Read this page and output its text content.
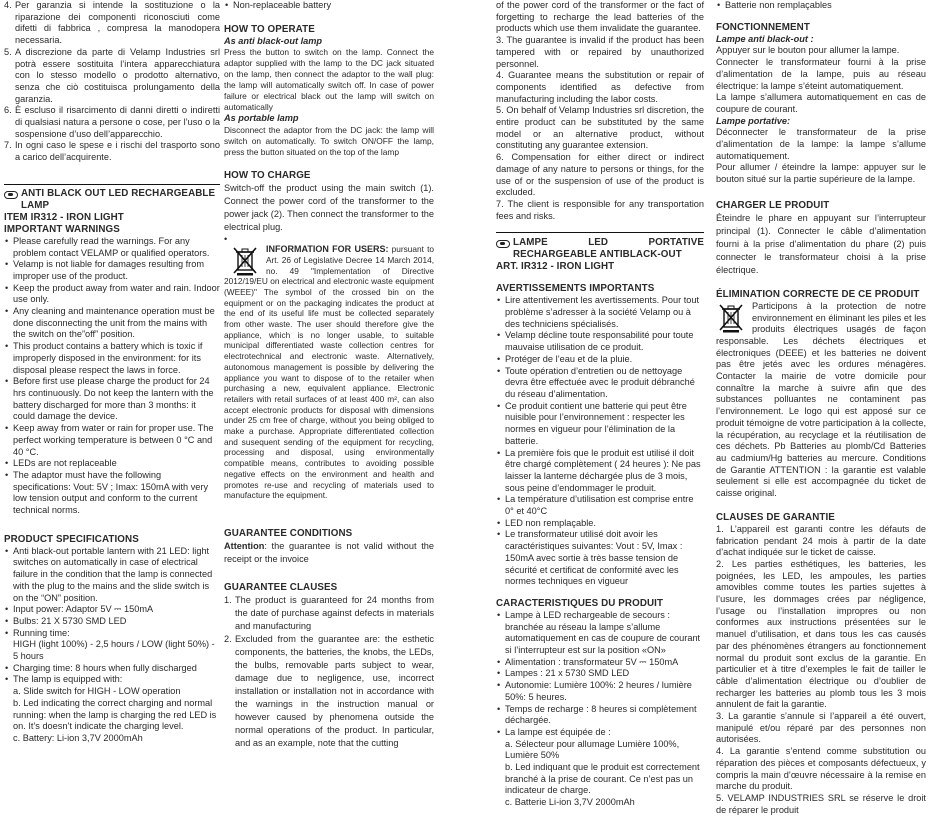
4. Per garanzia si intende la sostituzione o la riparazione dei componenti riconosciuti come difetti di fabbrica , compresa la manodopera necessaria.
5. A discrezione da parte di Velamp Industries srl potrà essere sostituita l’intera apparecchiatura con lo stesso modello o prodotto alternativo, senza che ciò costituisca prolungamento della garanzia.
6. È escluso il risarcimento di danni diretti o indiretti di qualsiasi natura a persone o cose, per l’uso o la sospensione d’uso dell’apparecchio.
7. In ogni caso le spese e i rischi del trasporto sono a carico dell’acquirente.
ANTI BLACK OUT LED RECHARGEABLE LAMP

ITEM IR312 - IRON LIGHT

IMPORTANT WARNINGS

• Please carefully read the warnings. For any problem contact VELAMP or qualified operators.
• Velamp is not liable for damages resulting from improper use of the product.
• Keep the product away from water and rain. Indoor use only.
• Any cleaning and maintenance operation must be done disconnecting the unit from the mains with the switch on the”off” position.
• This product contains a battery which is toxic if improperly disposed in the environment: for its disposal please respect the laws in force.
• Before first use please charge the product for 24 hrs continuously. Do not keep the lantern with the battery discharged for more than 3 months: it could damage the device.
• Keep away from water or rain for proper use. The perfect working temperature is between 0 °C and 40 °C.
• LEDs are not replaceable
• The adaptor must have the following specifications: Vout: 5V ; Imax: 150mA with very low tension output and conform to the current technical norms.

PRODUCT SPECIFICATIONS

• Anti black-out portable lantern with 21 LED: light switches on automatically in case of electrical failure in the condition that the lamp is connected with the plug to the mains and the slide switch is on the “ON” position.
• Input power: Adaptor 5V ⎓ 150mA
• Bulbs: 21 X 5730 SMD LED
• Running time:

HIGH (light 100%) - 2,5 hours / LOW (light 50%) - 5 hours

• Charging time: 8 hours when fully discharged
• The lamp is equipped with:

a. Slide switch for HIGH - LOW operation

b. Led indicating the correct charging and normal running: when the lamp is charging the red LED is on. It’s doesn’t indicate the charging level.

c. Battery: Li-ion 3,7V 2000mAh

• Non-replaceable battery

HOW TO OPERATE

As anti black-out lamp

Press the button to switch on the lamp. Connect the adaptor supplied with the lamp to the DC jack situated on the lamp, then connect the adaptor to the wall plug: the lamp will automatically switch off. In case of power failure or electrical black out the lamp will switch on automatically

As portable lamp

Disconnect the adaptor from the DC jack: the lamp will switch on automatically. To switch ON/OFF the lamp, press the button situated on the top of the lamp

HOW TO CHARGE

Switch-off the product using the main switch (1). Connect the power cord of the transformer to the power jack (2). Then connect the transformer to the electrical plug.

•

INFORMATION FOR USERS: pursuant to Art. 26 of Legislative Decree 14 March 2014, no. 49 "Implementation of Directive 2012/19/EU on electrical and electronic waste equipment (WEEE)" The symbol of the crossed bin on the equipment or on the packaging indicates the product at the end of its useful life must be collected separately from other waste. The user should therefore give the appliance, which is no longer usable, to suitable municipal differentiated waste collection centres for electrotechnical and electronic waste. Alternatively, autonomous management is possible by delivering the appliance you want to dispose of to the retailer when purchasing a new, equivalent appliance. Electronic retailers with retail surfaces of at least 400 m², can also accept electronic products for disposal with dimensions under 25 cm free of charge, without you being obliged to make a purchase. Appropriate differentiated collection and susequent sending of the equipment for recycling, processing and disposal, using environmentally compatible means, contributes to avoiding possible negative effects on the environment and health and promotes re-use and recycling of materials used to manufacture the equipment.

GUARANTEE CONDITIONS

Attention: the guarantee is not valid without the receipt or the invoice

GUARANTEE CLAUSES

1. The product is guaranteed for 24 months from the date of purchase against defects in materials and manufacturing
2. Excluded from the guarantee are: the esthetic components, the batteries, the knobs, the LEDs, the bulbs, removable parts subject to wear, damage due to negligence, use, incorrect installation or installation not in accordance with the warnings in the instruction manual or however caused by phenomena outside the normal operations of the product. In particular, and as an example, note that the cutting

of the power cord of the transformer or the fact of forgetting to recharge the lead batteries of the products which use them invalidate the guarantee.

3. The guarantee is invalid if the product has been tampered with or repaired by unauthorized personnel.

4. Guarantee means the substitution or repair of components identified as defective from manufacturing including the labor costs.

5. On behalf of Velamp Industries srl discretion, the entire product can be substituted by the same model or an alternative product, without constituting any guarantee extension.

6. Compensation for either direct or indirect damage of any nature to persons or things, for the use of or the suspension of use of the product is excluded.

7. The client is responsible for any transportation fees and risks.

LAMPE LED PORTATIVE RECHARGEABLE ANTIBLACK-OUT

ART. IR312 - IRON LIGHT

AVERTISSEMENTS IMPORTANTS

• Lire attentivement les avertissements. Pour tout problème s’adresser à la société Velamp ou à des techniciens spécialisés.
• Velamp décline toute responsabilité pour toute mauvaise utilisation de ce produit.
• Protéger de l’eau et de la pluie.
• Toute opération d’entretien ou de nettoyage devra être effectuée avec le produit débranché du réseau d’alimentation.
• Ce produit contient une batterie qui peut être nuisible pour l’environnement : respecter les normes en vigueur pour l’élimination de la batterie.
• La première fois que le produit est utilisé il doit être chargé complètement ( 24 heures ): Ne pas laisser la lanterne déchargée plus de 3 mois, sous peine d’endommager le produit.
• La température d’utilisation est comprise entre 0° et 40°C
• LED non remplaçable.
• Le transformateur utilisé doit avoir les caractéristiques suivantes: Vout : 5V, Imax : 150mA avec sortie à très basse tension de sécurité et certificat de conformité avec les normes techniques en vigueur

CARACTERISTIQUES DU PRODUIT

• Lampe à LED rechargeable de secours : branchée au réseau la lampe s’allume automatiquement en cas de coupure de courant si l’interrupteur est sur la position «ON»
• Alimentation : transformateur 5V ⎓ 150mA
• Lampes : 21 x 5730 SMD LED
• Autonomie: Lumière 100%: 2 heures / lumière 50%: 5 heures.
• Temps de recharge : 8 heures si complètement déchargée.
• La lampe est équipée de :

a. Sélecteur pour allumage Lumière 100%, Lumière 50%

b. Led indiquant que le produit est correctement branché à la prise de courant. Ce n’est pas un indicateur de charge.

c. Batterie Li-ion 3,7V 2000mAh

• Batterie non remplaçables

FONCTIONNEMENT

Lampe anti black-out :

Appuyer sur le bouton pour allumer la lampe.

Connecter le transformateur fourni à la prise d’alimentation de la lampe, puis au réseau électrique: la lampe s’éteint automatiquement.

La lampe s’allumera automatiquement en cas de coupure de courant.

Lampe portative:

Déconnecter le transformateur de la prise d’alimentation de la lampe: la lampe s’allume automatiquement.

Pour allumer / éteindre la lampe: appuyer sur le bouton situé sur la partie supérieure de la lampe.

CHARGER LE PRODUIT

Éteindre le phare en appuyant sur l’interrupteur principal (1). Connecter le câble d’alimentation fourni à la prise d’alimentation du phare (2) puis connecter le transformateur choisi à la prise électrique.

ÉLIMINATION CORRECTE DE CE PRODUIT

Participons à la protection de notre environnement en éliminant les piles et les produits électriques usagés de façon responsable. Les déchets électriques et électroniques (DEEE) et les batteries ne doivent pas être jetés avec les ordures ménagères. Contacter la mairie de votre domicile pour connaître la marche à suivre afin que des substances polluantes ne contaminent pas l’environnement. Le logo qui est apposé sur ce produit témoigne de votre participation à la collecte, la récupération, au recyclage et la réutilisation de ces déchets. Pb Batteries au plomb/Cd Batteries au cadmium/Hg batteries au mercure. Conditions de Garantie ATTENTION : la garantie est valable seulement si elle est accompagnée du ticket de caisse original.

CLAUSES DE GARANTIE

1. L’appareil est garanti contre les défauts de fabrication pendant 24 mois à partir de la date d’achat indiquée sur le ticket de caisse.

2. Les parties esthétiques, les batteries, les poignées, les LED, les ampoules, les parties amovibles comme toutes les parties sujettes à l’usure, les dommages crées par négligence, l’usage ou l’installation impropres ou non conformes aux instructions présentées sur le manuel d’utilisation, et dans tous les cas causés par des phénomènes étrangers au fonctionnement normal du produit sont exclus de la garantie. En particulier et à titre d’exemples le fait de tailler le câble d’alimentation électrique ou d’oublier de recharger les batteries au plomb tous les 3 mois annulent de fait la garantie.

3. La garantie s’annule si l’appareil a été ouvert, manipulé et/ou réparé par des personnes non autorisées.

4. La garantie s’entend comme substitution ou réparation des pièces et composants défectueux, y compris la main d’œuvre nécessaire à la remise en marche du produit.

5. VELAMP INDUSTRIES SRL se réserve le droit de réparer le produit
